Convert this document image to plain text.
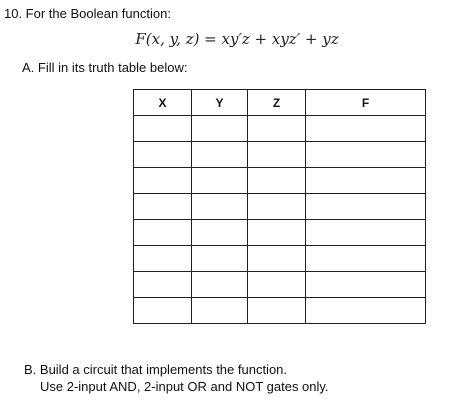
10. For the Boolean function:
F(x, y, z) = xy′z + xyz′ + yz
A. Fill in its truth table below:
X	Y	Z	F

B. Build a circuit that implements the function.
Use 2-input AND, 2-input OR and NOT gates only.
